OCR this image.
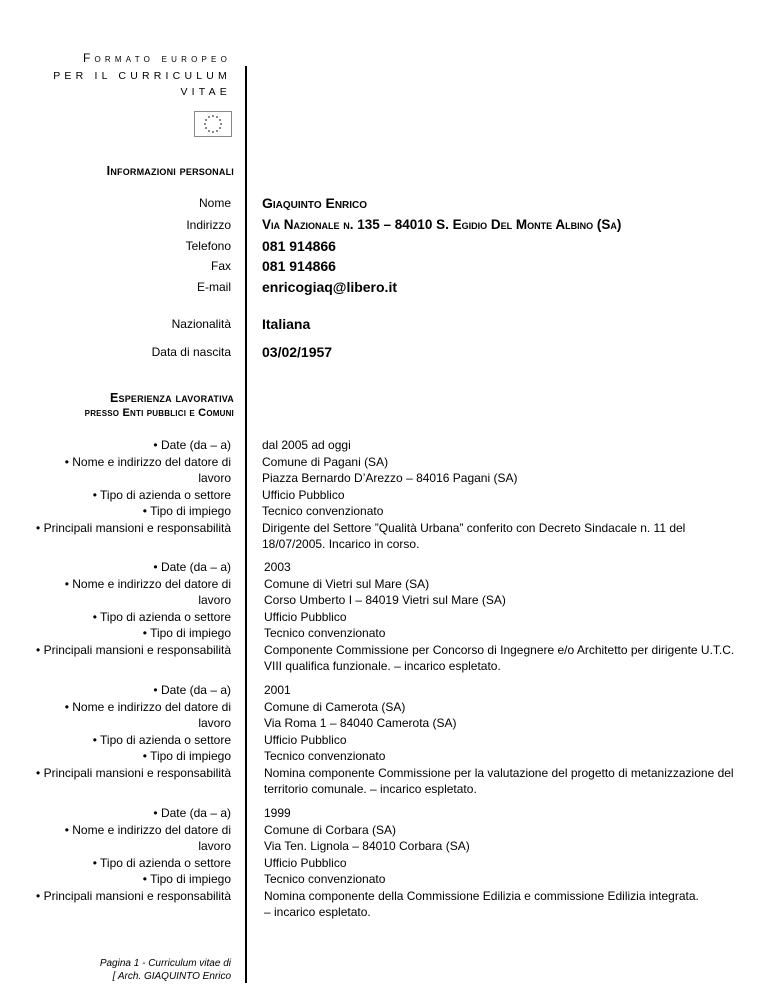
Formato europeo
PER IL CURRICULUM
VITAE
Informazioni personali
Nome Giaquinto Enrico
Indirizzo Via Nazionale n. 135 – 84010 S. Egidio Del Monte Albino (Sa)
Telefono 081 914866
Fax 081 914866
E-mail enricogiaq@libero.it
Nazionalità Italiana
Data di nascita 03/02/1957
Esperienza lavorativa
presso Enti pubblici e Comuni
• Date (da – a)
• Nome e indirizzo del datore di
lavoro
• Tipo di azienda o settore
• Tipo di impiego
• Principali mansioni e responsabilità
dal 2005 ad oggi
Comune di Pagani (SA)
Piazza Bernardo D’Arezzo – 84016 Pagani (SA)
Ufficio Pubblico
Tecnico convenzionato
Dirigente del Settore ”Qualità Urbana” conferito con Decreto Sindacale n. 11 del 18/07/2005. Incarico in corso.
• Date (da – a)
• Nome e indirizzo del datore di
lavoro
• Tipo di azienda o settore
• Tipo di impiego
• Principali mansioni e responsabilità
2003
Comune di Vietri sul Mare (SA)
Corso Umberto I – 84019 Vietri sul Mare (SA)
Ufficio Pubblico
Tecnico convenzionato
Componente Commissione per Concorso di Ingegnere e/o Architetto per dirigente U.T.C. VIII qualifica funzionale. – incarico espletato.
• Date (da – a)
• Nome e indirizzo del datore di
lavoro
• Tipo di azienda o settore
• Tipo di impiego
• Principali mansioni e responsabilità
2001
Comune di Camerota (SA)
Via Roma 1 – 84040 Camerota (SA)
Ufficio Pubblico
Tecnico convenzionato
Nomina componente Commissione per la valutazione del progetto di metanizzazione del territorio comunale. – incarico espletato.
• Date (da – a)
• Nome e indirizzo del datore di
lavoro
• Tipo di azienda o settore
• Tipo di impiego
• Principali mansioni e responsabilità
1999
Comune di Corbara (SA)
Via Ten. Lignola – 84010 Corbara (SA)
Ufficio Pubblico
Tecnico convenzionato
Nomina componente della Commissione Edilizia e commissione Edilizia integrata.
– incarico espletato.
Pagina 1 - Curriculum vitae di
[ Arch. GIAQUINTO Enrico
